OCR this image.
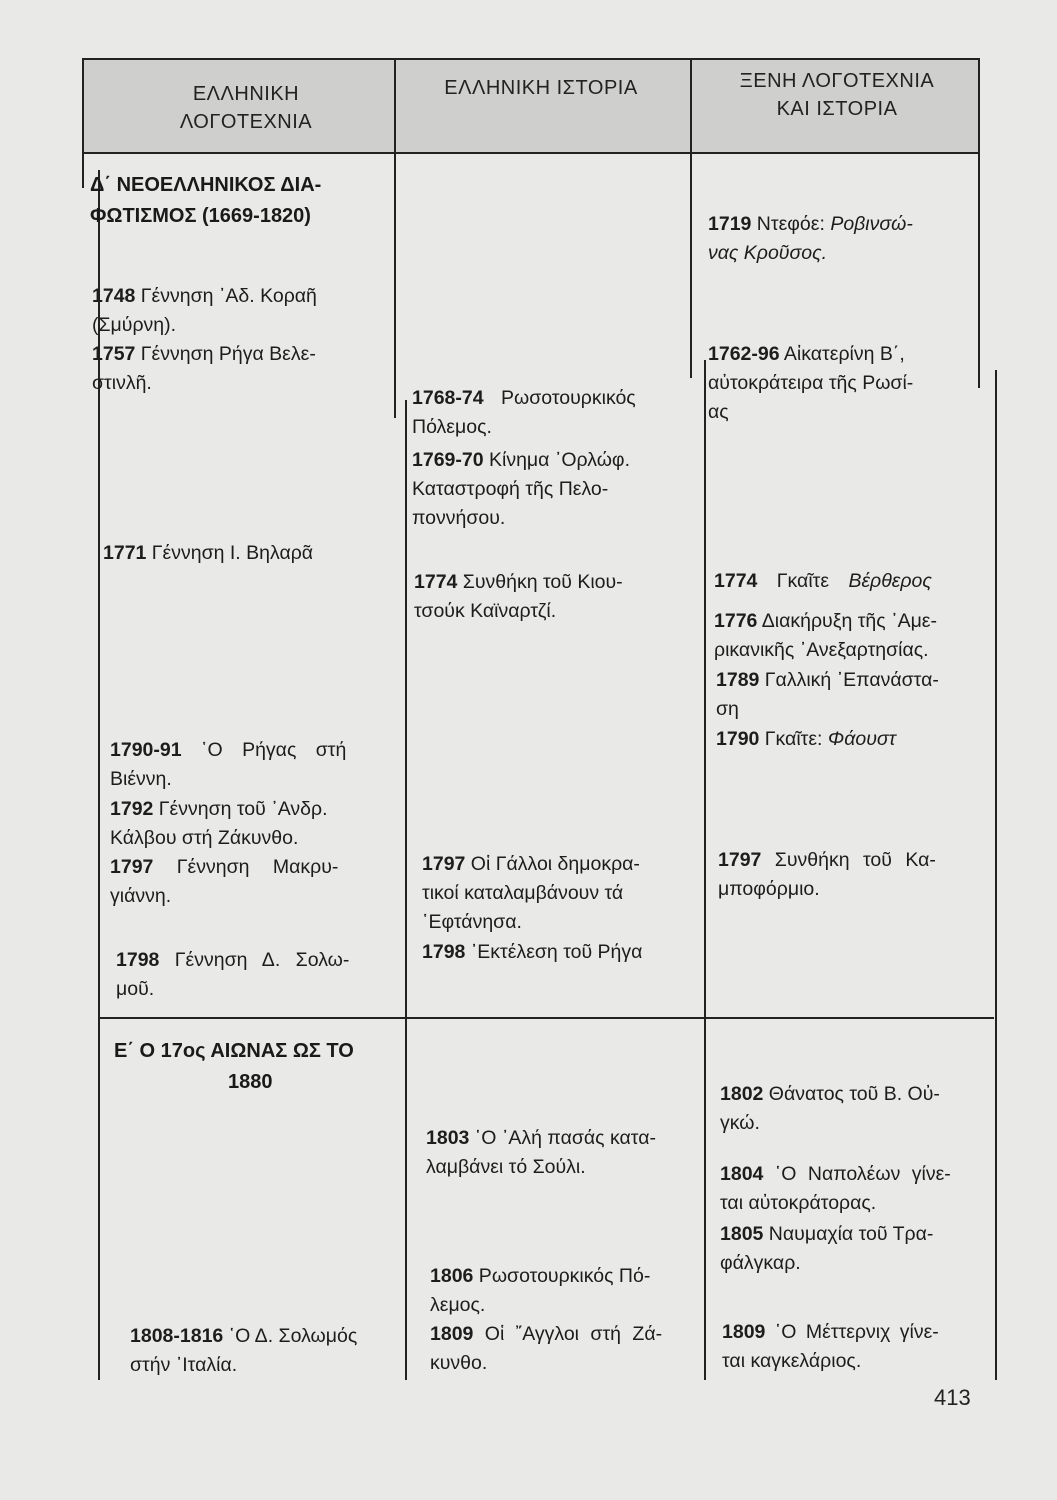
ΕΛΛΗΝΙΚΗ
ΛΟΓΟΤΕΧΝΙΑ
ΕΛΛΗΝΙΚΗ ΙΣΤΟΡΙΑ	ΞΕΝΗ ΛΟΓΟΤΕΧΝΙΑ
ΚΑΙ ΙΣΤΟΡΙΑ
Δ΄ ΝΕΟΕΛΛΗΝΙΚΟΣ ΔΙΑ-
ΦΩΤΙΣΜΟΣ (1669-1820)
1748 Γέννηση ᾿Αδ. Κοραῆ
(Σμύρνη).
1757 Γέννηση Ρήγα Βελε-
στινλῆ.
1771 Γέννηση Ι. Βηλαρᾶ
1790-91 ῾Ο Ρήγας στή
Βιέννη.
1792 Γέννηση τοῦ ᾿Ανδρ.
Κάλβου στή Ζάκυνθο.
1797 Γέννηση Μακρυ-
γιάννη.
1798 Γέννηση Δ. Σολω-
μοῦ.
1768-74 Ρωσοτουρκικός
Πόλεμος.
1769-70 Κίνημα ᾿Ορλώφ.
Καταστροφή τῆς Πελο-
ποννήσου.
1774 Συνθήκη τοῦ Κιου-
τσούκ Καϊναρτζί.
1797 Οἱ Γάλλοι δημοκρα-
τικοί καταλαμβάνουν τά
῾Εφτάνησα.
1798 ᾿Εκτέλεση τοῦ Ρήγα
1719 Ντεφόε: Ροβινσώ-
νας Κροῦσος.
1762-96 Αἰκατερίνη Β΄,
αὐτοκράτειρα τῆς Ρωσί-
ας
1774 Γκαῖτε Βέρθερος
1776 Διακήρυξη τῆς ᾿Αμε-
ρικανικῆς ᾿Ανεξαρτησίας.
1789 Γαλλική ᾿Επανάστα-
ση
1790 Γκαῖτε: Φάουστ
1797 Συνθήκη τοῦ Κα-
μποφόρμιο.
Ε΄ Ο 17ος ΑΙΩΝΑΣ ΩΣ ΤΟ
1880
1808-1816 ῾Ο Δ. Σολωμός
στήν ᾿Ιταλία.
1803 ῾Ο ᾿Αλή πασάς κατα-
λαμβάνει τό Σούλι.
1806 Ρωσοτουρκικός Πό-
λεμος.
1809 Οἱ ῎Αγγλοι στή Ζά-
κυνθο.
1802 Θάνατος τοῦ Β. Οὐ-
γκώ.
1804 ῾Ο Ναπολέων γίνε-
ται αὐτοκράτορας.
1805 Ναυμαχία τοῦ Τρα-
φάλγκαρ.
1809 ῾Ο Μέττερνιχ γίνε-
ται καγκελάριος.
413
